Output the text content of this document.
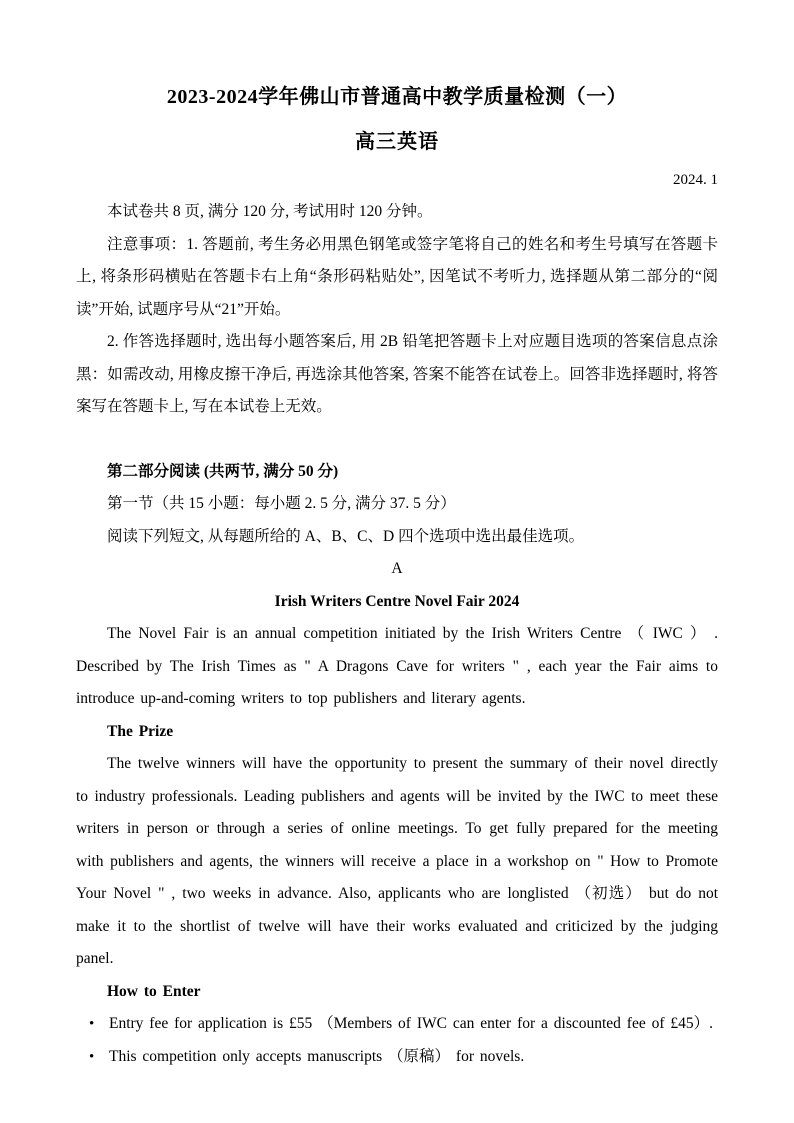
2023-2024学年佛山市普通高中教学质量检测（一）
高三英语
2024. 1

本试卷共 8 页, 满分 120 分, 考试用时 120 分钟。

注意事项：1. 答题前, 考生务必用黑色钢笔或签字笔将自己的姓名和考生号填写在答题卡上, 将条形码横贴在答题卡右上角“条形码粘贴处”, 因笔试不考听力, 选择题从第二部分的“阅读”开始, 试题序号从“21”开始。

2. 作答选择题时, 选出每小题答案后, 用 2B 铅笔把答题卡上对应题目选项的答案信息点涂黑：如需改动, 用橡皮擦干净后, 再选涂其他答案, 答案不能答在试卷上。回答非选择题时, 将答案写在答题卡上, 写在本试卷上无效。

第二部分阅读 (共两节, 满分 50 分)

第一节（共 15 小题：每小题 2. 5 分, 满分 37. 5 分）

阅读下列短文, 从每题所给的 A、B、C、D 四个选项中选出最佳选项。

A
Irish Writers Centre Novel Fair 2024

The Novel Fair is an annual competition initiated by the Irish Writers Centre （ IWC ） . Described by The Irish Times as " A Dragons Cave for writers " , each year the Fair aims to introduce up-and-coming writers to top publishers and literary agents.

The Prize

The twelve winners will have the opportunity to present the summary of their novel directly to industry professionals. Leading publishers and agents will be invited by the IWC to meet these writers in person or through a series of online meetings. To get fully prepared for the meeting with publishers and agents, the winners will receive a place in a workshop on " How to Promote Your Novel " , two weeks in advance. Also, applicants who are longlisted （初选） but do not make it to the shortlist of twelve will have their works evaluated and criticized by the judging panel.

How to Enter

• Entry fee for application is £55 （Members of IWC can enter for a discounted fee of £45）.
• This competition only accepts manuscripts （原稿） for novels.
